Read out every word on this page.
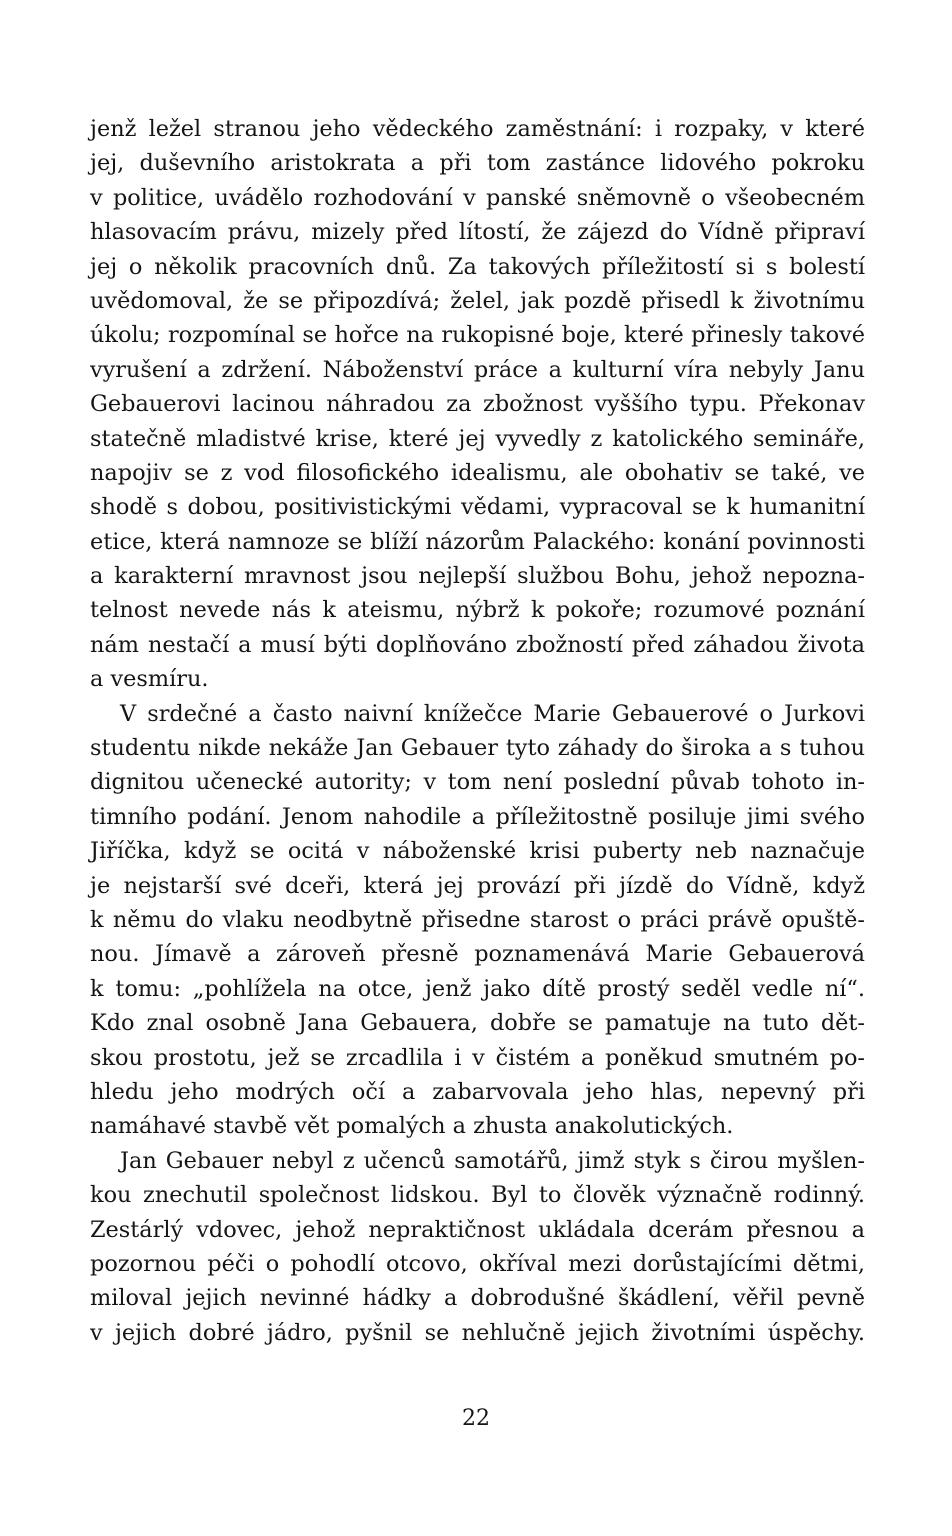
jenž ležel stranou jeho vědeckého zaměstnání: i rozpaky, v které
jej, duševního aristokrata a při tom zastánce lidového pokroku
v politice, uvádělo rozhodování v panské sněmovně o všeobecném
hlasovacím právu, mizely před lítostí, že zájezd do Vídně připraví
jej o několik pracovních dnů. Za takových příležitostí si s bolestí
uvědomoval, že se připozdívá; želel, jak pozdě přisedl k životnímu
úkolu; rozpomínal se hořce na rukopisné boje, které přinesly takové
vyrušení a zdržení. Náboženství práce a kulturní víra nebyly Janu
Gebauerovi lacinou náhradou za zbožnost vyššího typu. Překonav
statečně mladistvé krise, které jej vyvedly z katolického semináře,
napojiv se z vod filosofického idealismu, ale obohativ se také, ve
shodě s dobou, positivistickými vědami, vypracoval se k humanitní
etice, která namnoze se blíží názorům Palackého: konání povinnosti
a karakterní mravnost jsou nejlepší službou Bohu, jehož nepozna-
telnost nevede nás k ateismu, nýbrž k pokoře; rozumové poznání
nám nestačí a musí býti doplňováno zbožností před záhadou života
a vesmíru.
V srdečné a často naivní knížečce Marie Gebauerové o Jurkovi
studentu nikde nekáže Jan Gebauer tyto záhady do široka a s tuhou
dignitou učenecké autority; v tom není poslední půvab tohoto in-
timního podání. Jenom nahodile a příležitostně posiluje jimi svého
Jiříčka, když se ocitá v náboženské krisi puberty neb naznačuje
je nejstarší své dceři, která jej provází při jízdě do Vídně, když
k němu do vlaku neodbytně přisedne starost o práci právě opuště-
nou. Jímavě a zároveň přesně poznamenává Marie Gebauerová
k tomu: „pohlížela na otce, jenž jako dítě prostý seděl vedle ní“.
Kdo znal osobně Jana Gebauera, dobře se pamatuje na tuto dět-
skou prostotu, jež se zrcadlila i v čistém a poněkud smutném po-
hledu jeho modrých očí a zabarvovala jeho hlas, nepevný při
namáhavé stavbě vět pomalých a zhusta anakolutických.
Jan Gebauer nebyl z učenců samotářů, jimž styk s čirou myšlen-
kou znechutil společnost lidskou. Byl to člověk význačně rodinný.
Zestárlý vdovec, jehož nepraktičnost ukládala dcerám přesnou a
pozornou péči o pohodlí otcovo, okříval mezi dorůstajícími dětmi,
miloval jejich nevinné hádky a dobrodušné škádlení, věřil pevně
v jejich dobré jádro, pyšnil se nehlučně jejich životními úspěchy.
22
